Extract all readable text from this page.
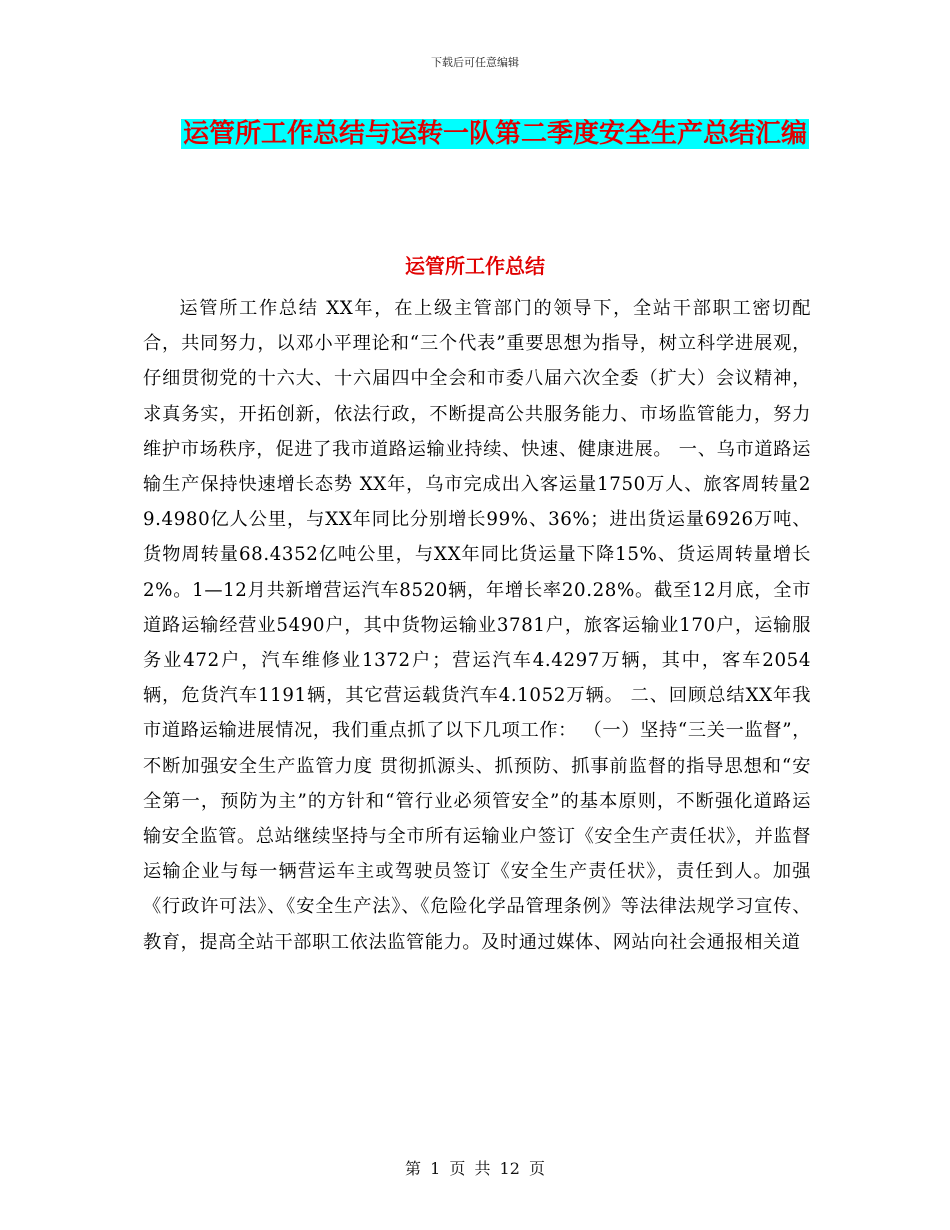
下载后可任意编辑
运管所工作总结与运转一队第二季度安全生产总结汇编
运管所工作总结

运管所工作总结 XX年，在上级主管部门的领导下，全站干部职工密切配合，共同努力，以邓小平理论和“三个代表”重要思想为指导，树立科学进展观，仔细贯彻党的十六大、十六届四中全会和市委八届六次全委（扩大）会议精神，求真务实，开拓创新，依法行政，不断提高公共服务能力、市场监管能力，努力维护市场秩序，促进了我市道路运输业持续、快速、健康进展。 一、乌市道路运输生产保持快速增长态势 XX年，乌市完成出入客运量1750万人、旅客周转量29.4980亿人公里，与XX年同比分别增长99%、36%；进出货运量6926万吨、货物周转量68.4352亿吨公里，与XX年同比货运量下降15%、货运周转量增长2%。1—12月共新增营运汽车8520辆，年增长率20.28%。截至12月底，全市道路运输经营业5490户，其中货物运输业3781户，旅客运输业170户，运输服务业472户，汽车维修业1372户；营运汽车4.4297万辆，其中，客车2054辆，危货汽车1191辆，其它营运载货汽车4.1052万辆。 二、回顾总结XX年我市道路运输进展情况，我们重点抓了以下几项工作： （一）坚持“三关一监督”，不断加强安全生产监管力度 贯彻抓源头、抓预防、抓事前监督的指导思想和“安全第一，预防为主”的方针和“管行业必须管安全”的基本原则，不断强化道路运输安全监管。总站继续坚持与全市所有运输业户签订《安全生产责任状》，并监督运输企业与每一辆营运车主或驾驶员签订《安全生产责任状》，责任到人。加强《行政许可法》、《安全生产法》、《危险化学品管理条例》等法律法规学习宣传、教育，提高全站干部职工依法监管能力。及时通过媒体、网站向社会通报相关道

第 1 页 共 12 页
